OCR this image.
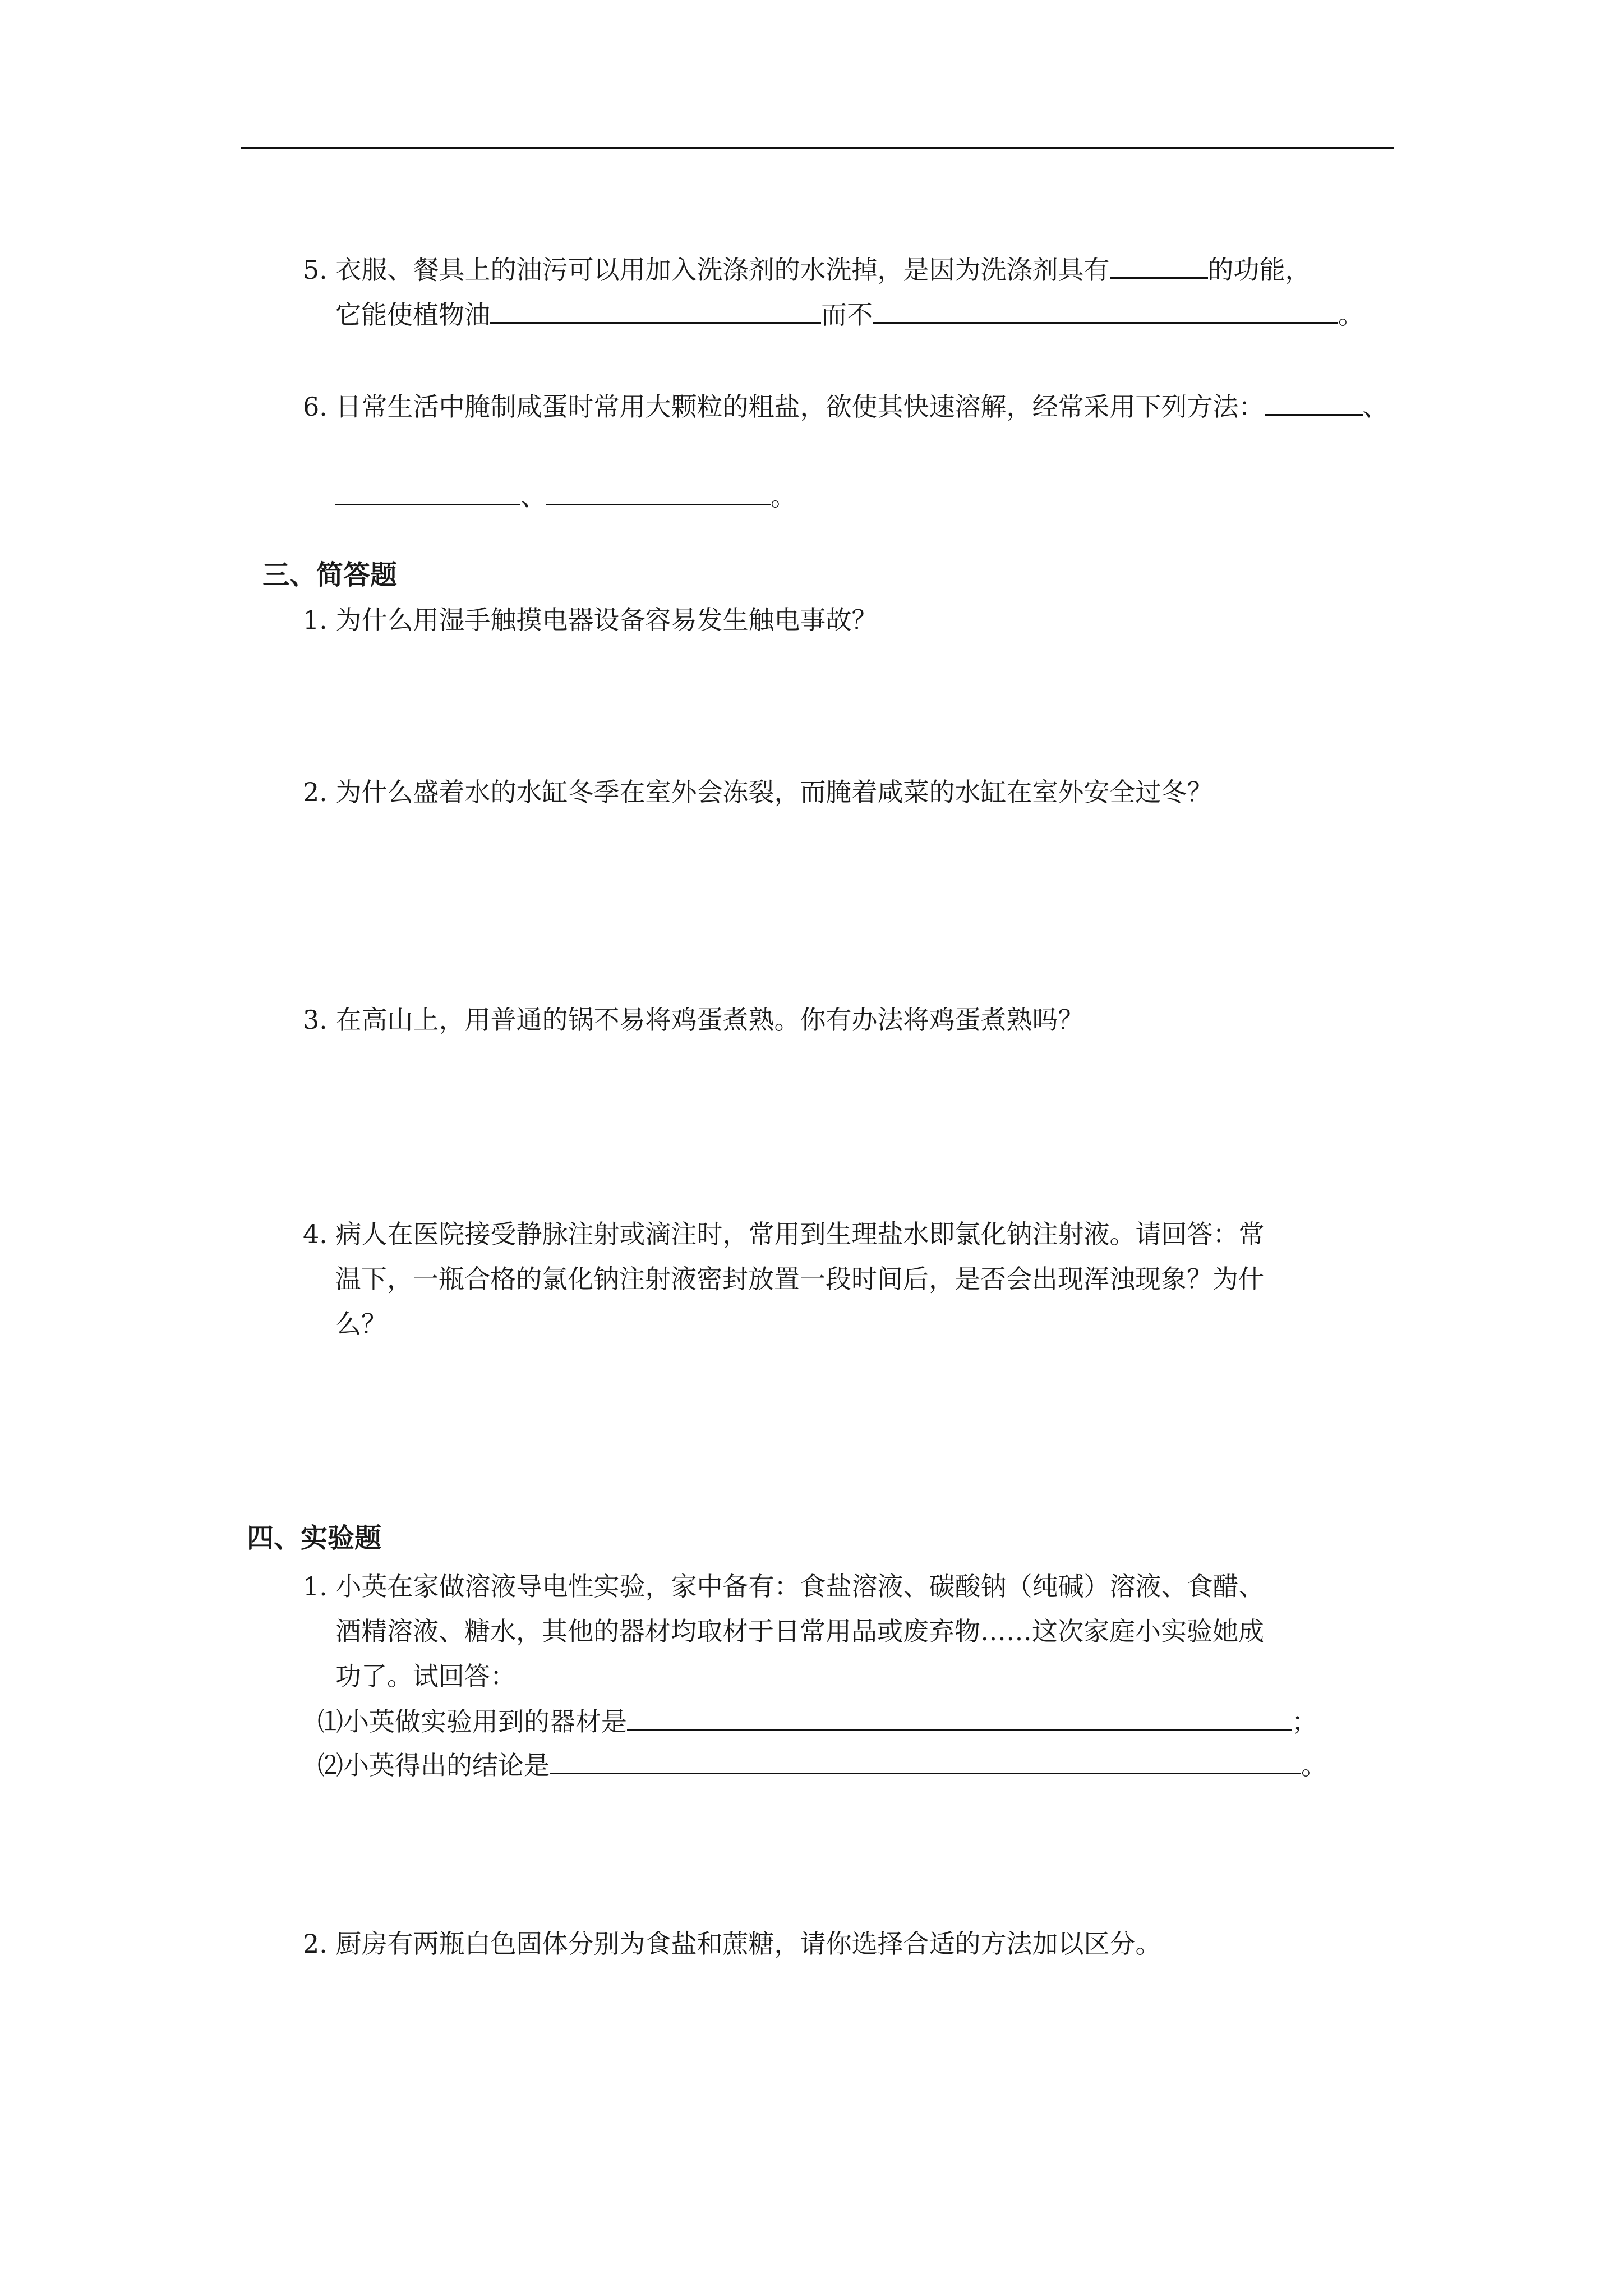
5. 衣服、餐具上的油污可以用加入洗涤剂的水洗掉，是因为洗涤剂具有	的功能，
它能使植物油	而不	。
6. 日常生活中腌制咸蛋时常用大颗粒的粗盐，欲使其快速溶解，经常采用下列方法：	、
、	。
三、简答题
1. 为什么用湿手触摸电器设备容易发生触电事故？
2. 为什么盛着水的水缸冬季在室外会冻裂，而腌着咸菜的水缸在室外安全过冬？
3. 在高山上，用普通的锅不易将鸡蛋煮熟。你有办法将鸡蛋煮熟吗？
4. 病人在医院接受静脉注射或滴注时，常用到生理盐水即氯化钠注射液。请回答：常
温下，一瓶合格的氯化钠注射液密封放置一段时间后，是否会出现浑浊现象？为什
么？
四、实验题
1. 小英在家做溶液导电性实验，家中备有：食盐溶液、碳酸钠（纯碱）溶液、食醋、
酒精溶液、糖水，其他的器材均取材于日常用品或废弃物……这次家庭小实验她成
功了。试回答：
⑴小英做实验用到的器材是	；
⑵小英得出的结论是	。
2. 厨房有两瓶白色固体分别为食盐和蔗糖，请你选择合适的方法加以区分。
